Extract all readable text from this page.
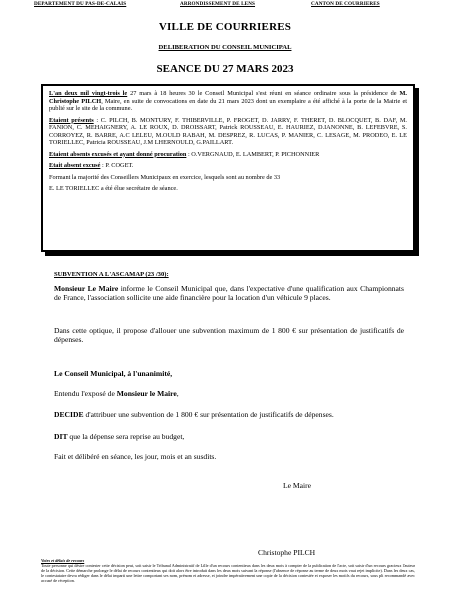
DEPARTEMENT DU PAS-DE-CALAIS	ARRONDISSEMENT DE LENS	CANTON DE COURRIERES
VILLE DE COURRIERES
DELIBERATION DU CONSEIL MUNICIPAL
SEANCE DU 27 MARS 2023

L'an deux mil vingt-trois le 27 mars à 18 heures 30 le Conseil Municipal s'est réuni en séance ordinaire sous la présidence de M. Christophe PILCH, Maire, en suite de convocations en date du 21 mars 2023 dont un exemplaire a été affiché à la porte de la Mairie et publié sur le site de la commune.

Etaient présents : C. PILCH, B. MONTURY, F. THIBERVILLE, P. FROGET, D. JARRY, F. THERET, D. BLOCQUET, B. DAF, M. FANION, C. MEHAIGNERY, A. LE ROUX, D. DROISSART, Patrick ROUSSEAU, E. HAURIEZ, D.IANONNE, B. LEFEBVRE, S. CORROYEZ, R. BARRE, A.C LELEU, M.OULD RABAH, M. DESPREZ, R. LUCAS, P. MANIER, C. LESAGE, M. PRODEO, E. LE TORIELLEC, Patricia ROUSSEAU, J.M LHERNOULD, G.PAILLART.

Etaient absents excusés et ayant donné procuration : O.VERGNAUD, E. LAMBERT, P. PICHONNIER

Etait absent excusé : P. COGET.

Formant la majorité des Conseillers Municipaux en exercice, lesquels sont au nombre de 33

E. LE TORIELLEC a été élue secrétaire de séance.

SUBVENTION A L'ASCAMAP (23 /30):
Monsieur Le Maire informe le Conseil Municipal que, dans l'expectative d'une qualification aux Championnats de France, l'association sollicite une aide financière pour la location d'un véhicule 9 places.
Dans cette optique, il propose d'allouer une subvention maximum de 1 800 € sur présentation de justificatifs de dépenses.
Le Conseil Municipal, à l'unanimité,
Entendu l'exposé de Monsieur le Maire,
DECIDE d'attribuer une subvention de 1 800 € sur présentation de justificatifs de dépenses.
DIT que la dépense sera reprise au budget,
Fait et délibéré en séance, les jour, mois et an susdits.
Le Maire
Christophe PILCH
Voies et délais de recours
Toute personne qui désire contester cette décision peut, soit saisir le Tribunal Administratif de Lille d'un recours contentieux dans les deux mois à compter de la publication de l'acte, soit saisir d'un recours gracieux l'auteur de la décision. Cette démarche prolonge le délai de recours contentieux qui doit alors être introduit dans les deux mois suivant la réponse (l'absence de réponse au terme de deux mois vaut rejet implicite). Dans les deux cas, le contestataire devra rédiger dans le délai imparti une lettre comportant ses nom, prénom et adresse, et joindre impérativement une copie de la décision contestée et exposer les motifs du recours, sous pli recommandé avec accusé de réception.
